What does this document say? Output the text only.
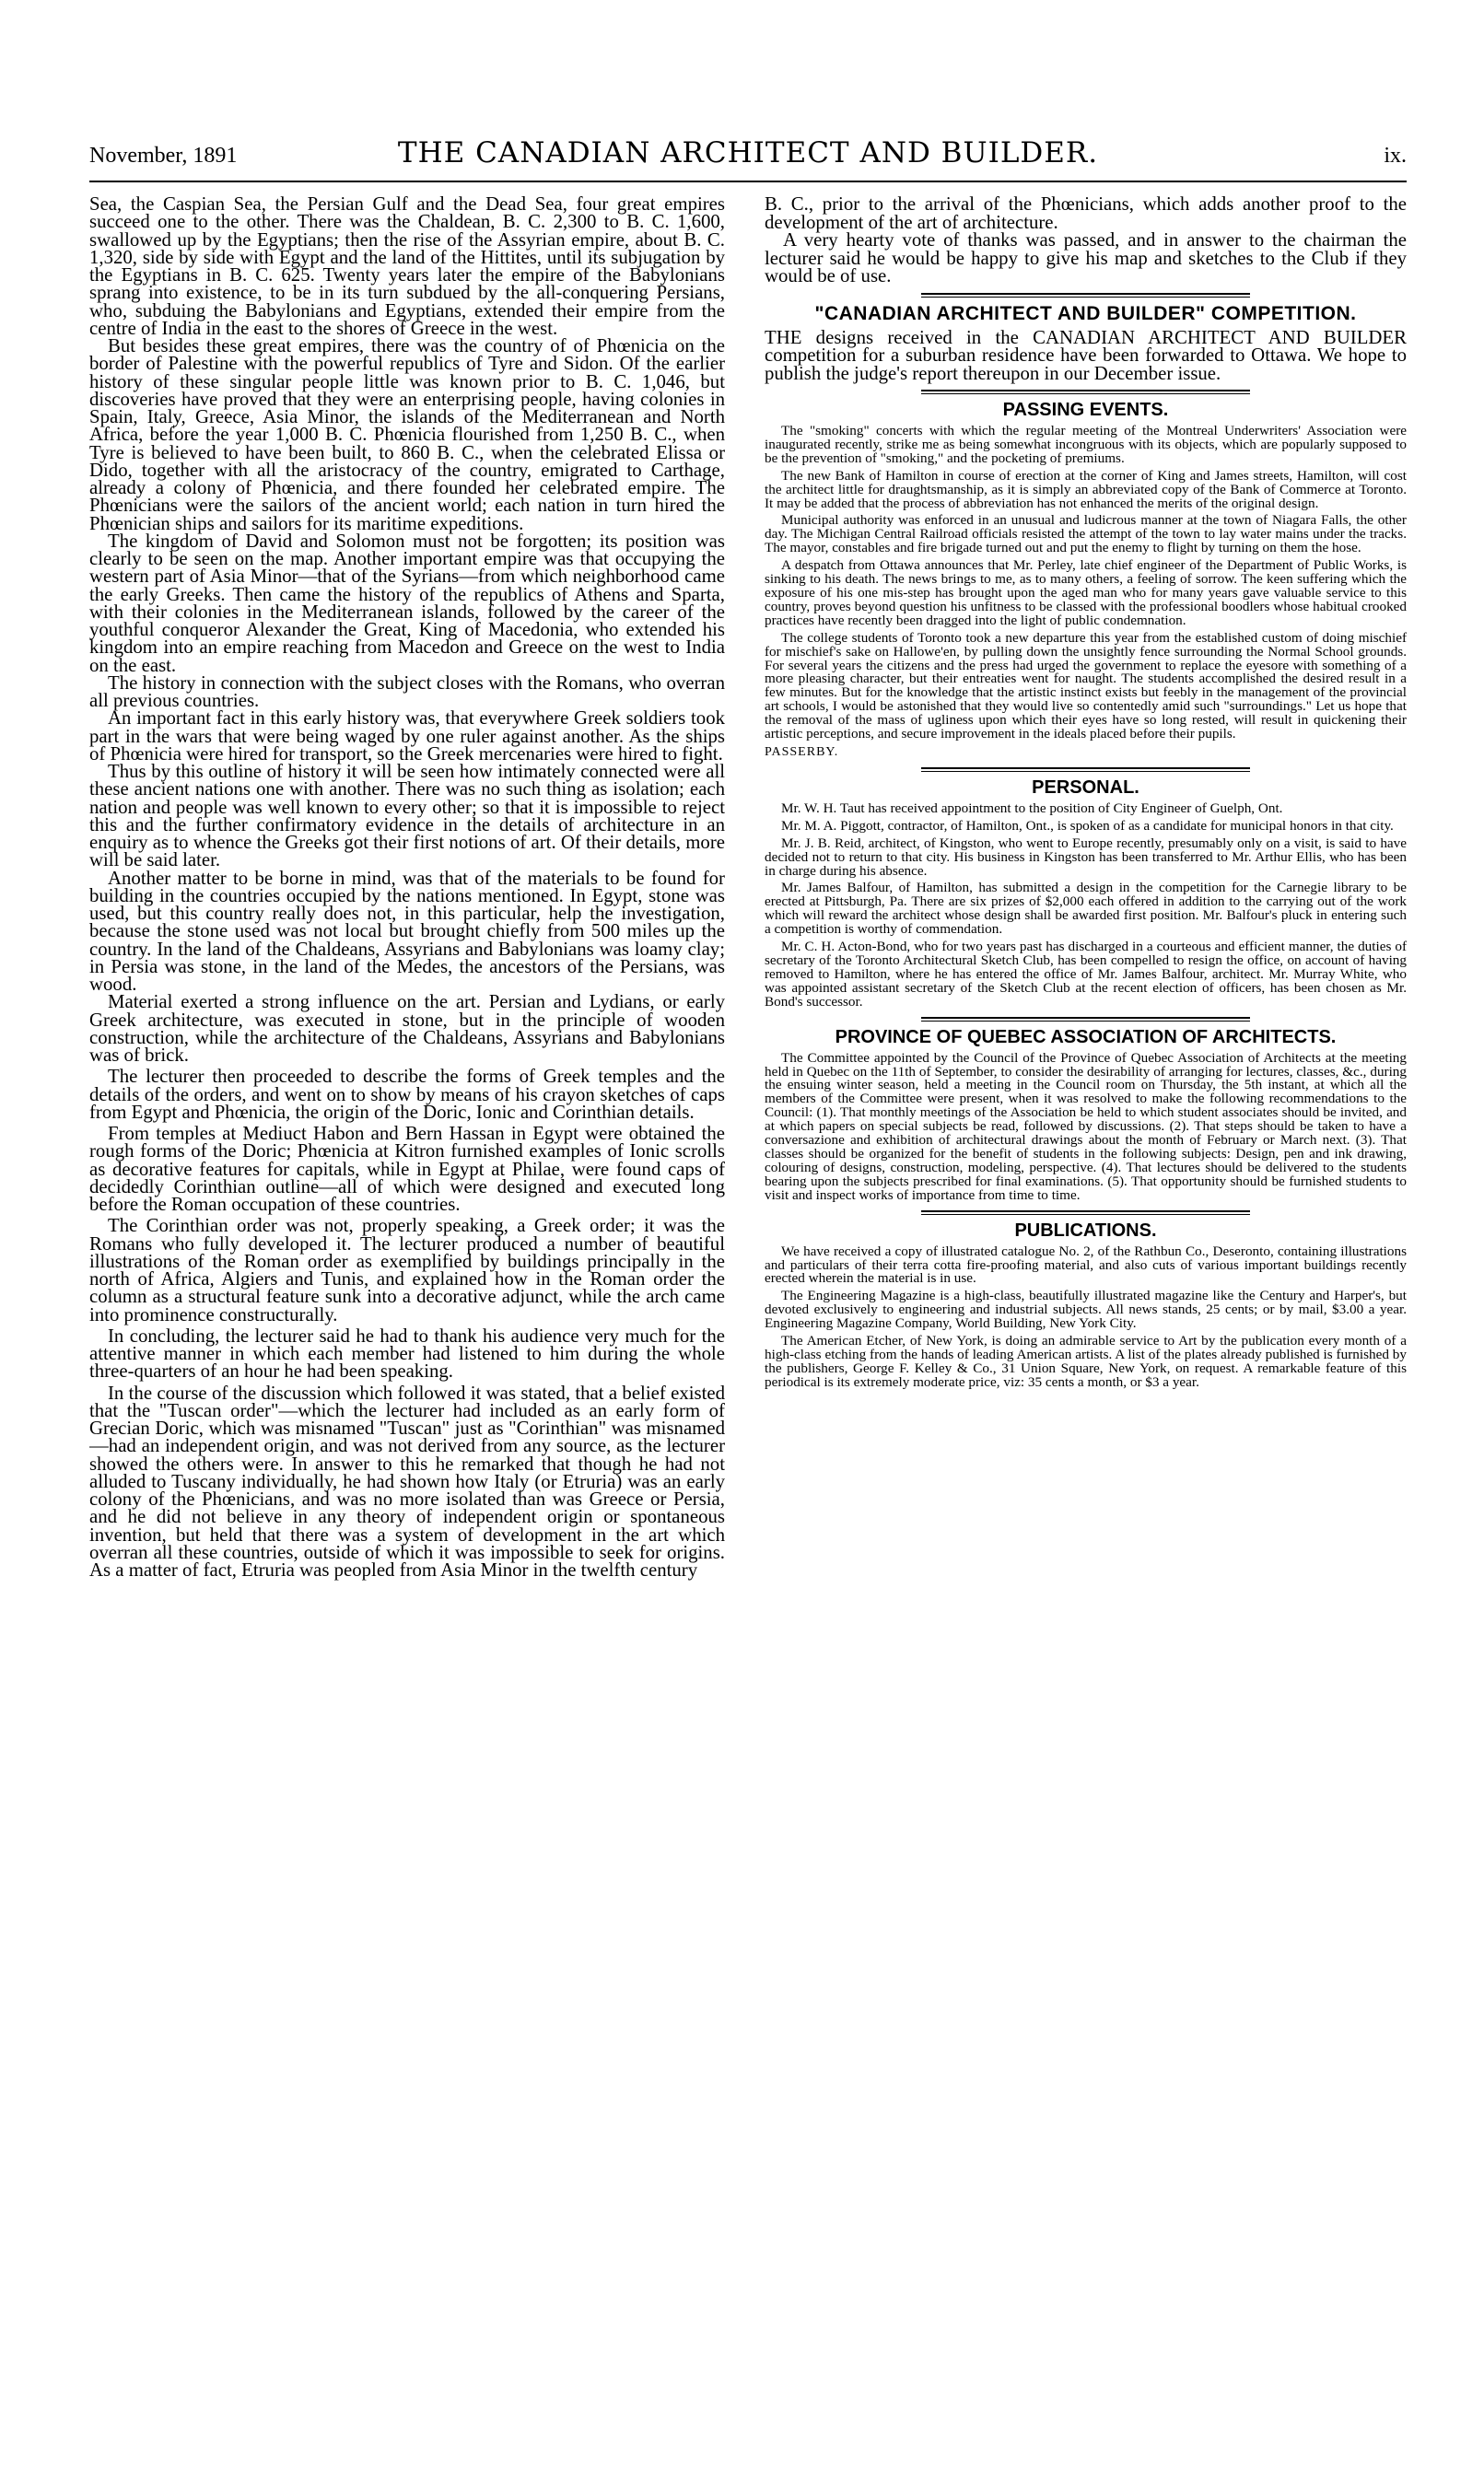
November, 1891	THE CANADIAN ARCHITECT AND BUILDER.	ix.

Sea, the Caspian Sea, the Persian Gulf and the Dead Sea, four great empires succeed one to the other. There was the Chaldean, B. C. 2,300 to B. C. 1,600, swallowed up by the Egyptians; then the rise of the Assyrian empire, about B. C. 1,320, side by side with Egypt and the land of the Hittites, until its subjugation by the Egyptians in B. C. 625. Twenty years later the empire of the Babylonians sprang into existence, to be in its turn subdued by the all-conquering Persians, who, subduing the Babylonians and Egyptians, extended their empire from the centre of India in the east to the shores of Greece in the west.

But besides these great empires, there was the country of of Phœnicia on the border of Palestine with the powerful republics of Tyre and Sidon. Of the earlier history of these singular people little was known prior to B. C. 1,046, but discoveries have proved that they were an enterprising people, having colonies in Spain, Italy, Greece, Asia Minor, the islands of the Mediterranean and North Africa, before the year 1,000 B. C. Phœnicia flourished from 1,250 B. C., when Tyre is believed to have been built, to 860 B. C., when the celebrated Elissa or Dido, together with all the aristocracy of the country, emigrated to Carthage, already a colony of Phœnicia, and there founded her celebrated empire. The Phœnicians were the sailors of the ancient world; each nation in turn hired the Phœnician ships and sailors for its maritime expeditions.

The kingdom of David and Solomon must not be forgotten; its position was clearly to be seen on the map. Another important empire was that occupying the western part of Asia Minor—that of the Syrians—from which neighborhood came the early Greeks. Then came the history of the republics of Athens and Sparta, with their colonies in the Mediterranean islands, followed by the career of the youthful conqueror Alexander the Great, King of Macedonia, who extended his kingdom into an empire reaching from Macedon and Greece on the west to India on the east.

The history in connection with the subject closes with the Romans, who overran all previous countries.

An important fact in this early history was, that everywhere Greek soldiers took part in the wars that were being waged by one ruler against another. As the ships of Phœnicia were hired for transport, so the Greek mercenaries were hired to fight.

Thus by this outline of history it will be seen how intimately connected were all these ancient nations one with another. There was no such thing as isolation; each nation and people was well known to every other; so that it is impossible to reject this and the further confirmatory evidence in the details of architecture in an enquiry as to whence the Greeks got their first notions of art. Of their details, more will be said later.

Another matter to be borne in mind, was that of the materials to be found for building in the countries occupied by the nations mentioned. In Egypt, stone was used, but this country really does not, in this particular, help the investigation, because the stone used was not local but brought chiefly from 500 miles up the country. In the land of the Chaldeans, Assyrians and Babylonians was loamy clay; in Persia was stone, in the land of the Medes, the ancestors of the Persians, was wood.

Material exerted a strong influence on the art. Persian and Lydians, or early Greek architecture, was executed in stone, but in the principle of wooden construction, while the architecture of the Chaldeans, Assyrians and Babylonians was of brick.

The lecturer then proceeded to describe the forms of Greek temples and the details of the orders, and went on to show by means of his crayon sketches of caps from Egypt and Phœnicia, the origin of the Doric, Ionic and Corinthian details.

From temples at Mediuct Habon and Bern Hassan in Egypt were obtained the rough forms of the Doric; Phœnicia at Kitron furnished examples of Ionic scrolls as decorative features for capitals, while in Egypt at Philae, were found caps of decidedly Corinthian outline—all of which were designed and executed long before the Roman occupation of these countries.

The Corinthian order was not, properly speaking, a Greek order; it was the Romans who fully developed it. The lecturer produced a number of beautiful illustrations of the Roman order as exemplified by buildings principally in the north of Africa, Algiers and Tunis, and explained how in the Roman order the column as a structural feature sunk into a decorative adjunct, while the arch came into prominence constructurally.

In concluding, the lecturer said he had to thank his audience very much for the attentive manner in which each member had listened to him during the whole three-quarters of an hour he had been speaking.

In the course of the discussion which followed it was stated, that a belief existed that the "Tuscan order"—which the lecturer had included as an early form of Grecian Doric, which was misnamed "Tuscan" just as "Corinthian" was misnamed—had an independent origin, and was not derived from any source, as the lecturer showed the others were. In answer to this he remarked that though he had not alluded to Tuscany individually, he had shown how Italy (or Etruria) was an early colony of the Phœnicians, and was no more isolated than was Greece or Persia, and he did not believe in any theory of independent origin or spontaneous invention, but held that there was a system of development in the art which overran all these countries, outside of which it was impossible to seek for origins. As a matter of fact, Etruria was peopled from Asia Minor in the twelfth century

B. C., prior to the arrival of the Phœnicians, which adds another proof to the development of the art of architecture.

A very hearty vote of thanks was passed, and in answer to the chairman the lecturer said he would be happy to give his map and sketches to the Club if they would be of use.

"CANADIAN ARCHITECT AND BUILDER" COMPETITION.

THE designs received in the CANADIAN ARCHITECT AND BUILDER competition for a suburban residence have been forwarded to Ottawa. We hope to publish the judge's report thereupon in our December issue.

PASSING EVENTS.

The "smoking" concerts with which the regular meeting of the Montreal Underwriters' Association were inaugurated recently, strike me as being somewhat incongruous with its objects, which are popularly supposed to be the prevention of "smoking," and the pocketing of premiums.

The new Bank of Hamilton in course of erection at the corner of King and James streets, Hamilton, will cost the architect little for draughtsmanship, as it is simply an abbreviated copy of the Bank of Commerce at Toronto. It may be added that the process of abbreviation has not enhanced the merits of the original design.

Municipal authority was enforced in an unusual and ludicrous manner at the town of Niagara Falls, the other day. The Michigan Central Railroad officials resisted the attempt of the town to lay water mains under the tracks. The mayor, constables and fire brigade turned out and put the enemy to flight by turning on them the hose.

A despatch from Ottawa announces that Mr. Perley, late chief engineer of the Department of Public Works, is sinking to his death. The news brings to me, as to many others, a feeling of sorrow. The keen suffering which the exposure of his one mis-step has brought upon the aged man who for many years gave valuable service to this country, proves beyond question his unfitness to be classed with the professional boodlers whose habitual crooked practices have recently been dragged into the light of public condemnation.

The college students of Toronto took a new departure this year from the established custom of doing mischief for mischief's sake on Hallowe'en, by pulling down the unsightly fence surrounding the Normal School grounds. For several years the citizens and the press had urged the government to replace the eyesore with something of a more pleasing character, but their entreaties went for naught. The students accomplished the desired result in a few minutes. But for the knowledge that the artistic instinct exists but feebly in the management of the provincial art schools, I would be astonished that they would live so contentedly amid such "surroundings." Let us hope that the removal of the mass of ugliness upon which their eyes have so long rested, will result in quickening their artistic perceptions, and secure improvement in the ideals placed before their pupils.

PASSERBY.

PERSONAL.

Mr. W. H. Taut has received appointment to the position of City Engineer of Guelph, Ont.

Mr. M. A. Piggott, contractor, of Hamilton, Ont., is spoken of as a candidate for municipal honors in that city.

Mr. J. B. Reid, architect, of Kingston, who went to Europe recently, presumably only on a visit, is said to have decided not to return to that city. His business in Kingston has been transferred to Mr. Arthur Ellis, who has been in charge during his absence.

Mr. James Balfour, of Hamilton, has submitted a design in the competition for the Carnegie library to be erected at Pittsburgh, Pa. There are six prizes of $2,000 each offered in addition to the carrying out of the work which will reward the architect whose design shall be awarded first position. Mr. Balfour's pluck in entering such a competition is worthy of commendation.

Mr. C. H. Acton-Bond, who for two years past has discharged in a courteous and efficient manner, the duties of secretary of the Toronto Architectural Sketch Club, has been compelled to resign the office, on account of having removed to Hamilton, where he has entered the office of Mr. James Balfour, architect. Mr. Murray White, who was appointed assistant secretary of the Sketch Club at the recent election of officers, has been chosen as Mr. Bond's successor.

PROVINCE OF QUEBEC ASSOCIATION OF ARCHITECTS.

The Committee appointed by the Council of the Province of Quebec Association of Architects at the meeting held in Quebec on the 11th of September, to consider the desirability of arranging for lectures, classes, &c., during the ensuing winter season, held a meeting in the Council room on Thursday, the 5th instant, at which all the members of the Committee were present, when it was resolved to make the following recommendations to the Council: (1). That monthly meetings of the Association be held to which student associates should be invited, and at which papers on special subjects be read, followed by discussions. (2). That steps should be taken to have a conversazione and exhibition of architectural drawings about the month of February or March next. (3). That classes should be organized for the benefit of students in the following subjects: Design, pen and ink drawing, colouring of designs, construction, modeling, perspective. (4). That lectures should be delivered to the students bearing upon the subjects prescribed for final examinations. (5). That opportunity should be furnished students to visit and inspect works of importance from time to time.

PUBLICATIONS.

We have received a copy of illustrated catalogue No. 2, of the Rathbun Co., Deseronto, containing illustrations and particulars of their terra cotta fire-proofing material, and also cuts of various important buildings recently erected wherein the material is in use.

The Engineering Magazine is a high-class, beautifully illustrated magazine like the Century and Harper's, but devoted exclusively to engineering and industrial subjects. All news stands, 25 cents; or by mail, $3.00 a year. Engineering Magazine Company, World Building, New York City.

The American Etcher, of New York, is doing an admirable service to Art by the publication every month of a high-class etching from the hands of leading American artists. A list of the plates already published is furnished by the publishers, George F. Kelley & Co., 31 Union Square, New York, on request. A remarkable feature of this periodical is its extremely moderate price, viz: 35 cents a month, or $3 a year.
